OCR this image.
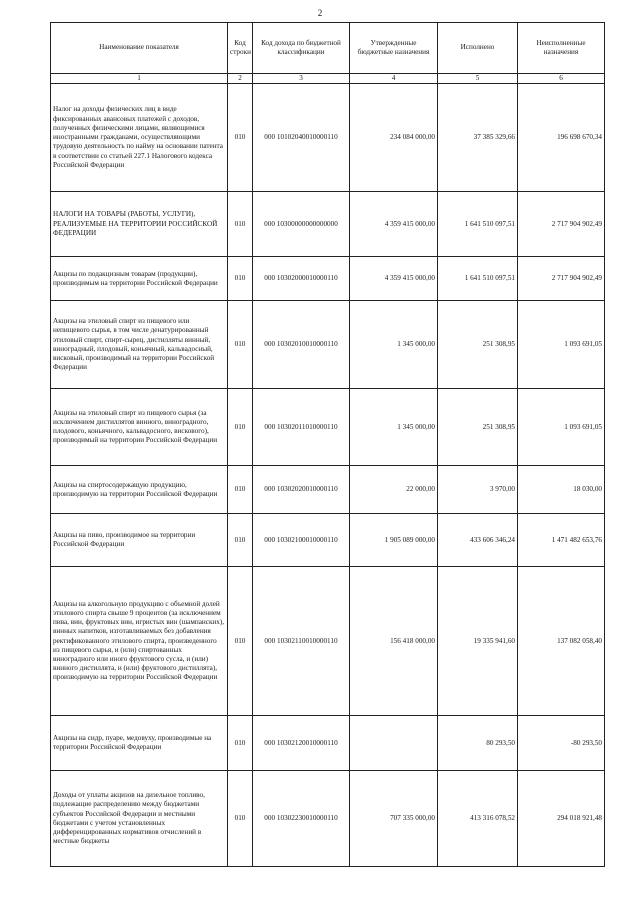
2
Наименование показателя	Код строки	Код дохода по бюджетной классификации	Утвержденные бюджетные назначения	Исполнено	Неисполненные назначения
1	2	3	4	5	6
Налог на доходы физических лиц в виде фиксированных авансовых платежей с доходов, полученных физическими лицами, являющимися иностранными гражданами, осуществляющими трудовую деятельность по найму на основании патента в соответствии со статьей 227.1 Налогового кодекса Российской Федерации	010	000 10102040010000110	234 084 000,00	37 385 329,66	196 698 670,34
НАЛОГИ НА ТОВАРЫ (РАБОТЫ, УСЛУГИ), РЕАЛИЗУЕМЫЕ НА ТЕРРИТОРИИ РОССИЙСКОЙ ФЕДЕРАЦИИ	010	000 10300000000000000	4 359 415 000,00	1 641 510 097,51	2 717 904 902,49
Акцизы по подакцизным товарам (продукции), производимым на территории Российской Федерации	010	000 10302000010000110	4 359 415 000,00	1 641 510 097,51	2 717 904 902,49
Акцизы на этиловый спирт из пищевого или непищевого сырья, в том числе денатурированный этиловый спирт, спирт-сырец, дистилляты винный, виноградный, плодовый, коньячный, кальвадосный, висковый, производимый на территории Российской Федерации	010	000 10302010010000110	1 345 000,00	251 308,95	1 093 691,05
Акцизы на этиловый спирт из пищевого сырья (за исключением дистиллятов винного, виноградного, плодового, коньячного, кальвадосного, вискового), производимый на территории Российской Федерации	010	000 10302011010000110	1 345 000,00	251 308,95	1 093 691,05
Акцизы на спиртосодержащую продукцию, производимую на территории Российской Федерации	010	000 10302020010000110	22 000,00	3 970,00	18 030,00
Акцизы на пиво, производимое на территории Российской Федерации	010	000 10302100010000110	1 905 089 000,00	433 606 346,24	1 471 482 653,76
Акцизы на алкогольную продукцию с объемной долей этилового спирта свыше 9 процентов (за исключением пива, вин, фруктовых вин, игристых вин (шампанских), винных напитков, изготавливаемых без добавления ректификованного этилового спирта, произведенного из пищевого сырья, и (или) спиртованных виноградного или иного фруктового сусла, и (или) винного дистиллята, и (или) фруктового дистиллята), производимую на территории Российской Федерации	010	000 10302110010000110	156 418 000,00	19 335 941,60	137 082 058,40
Акцизы на сидр, пуаре, медовуху, производимые на территории Российской Федерации	010	000 10302120010000110		80 293,50	-80 293,50
Доходы от уплаты акцизов на дизельное топливо, подлежащие распределению между бюджетами субъектов Российской Федерации и местными бюджетами с учетом установленных дифференцированных нормативов отчислений в местные бюджеты	010	000 10302230010000110	707 335 000,00	413 316 078,52	294 018 921,48
